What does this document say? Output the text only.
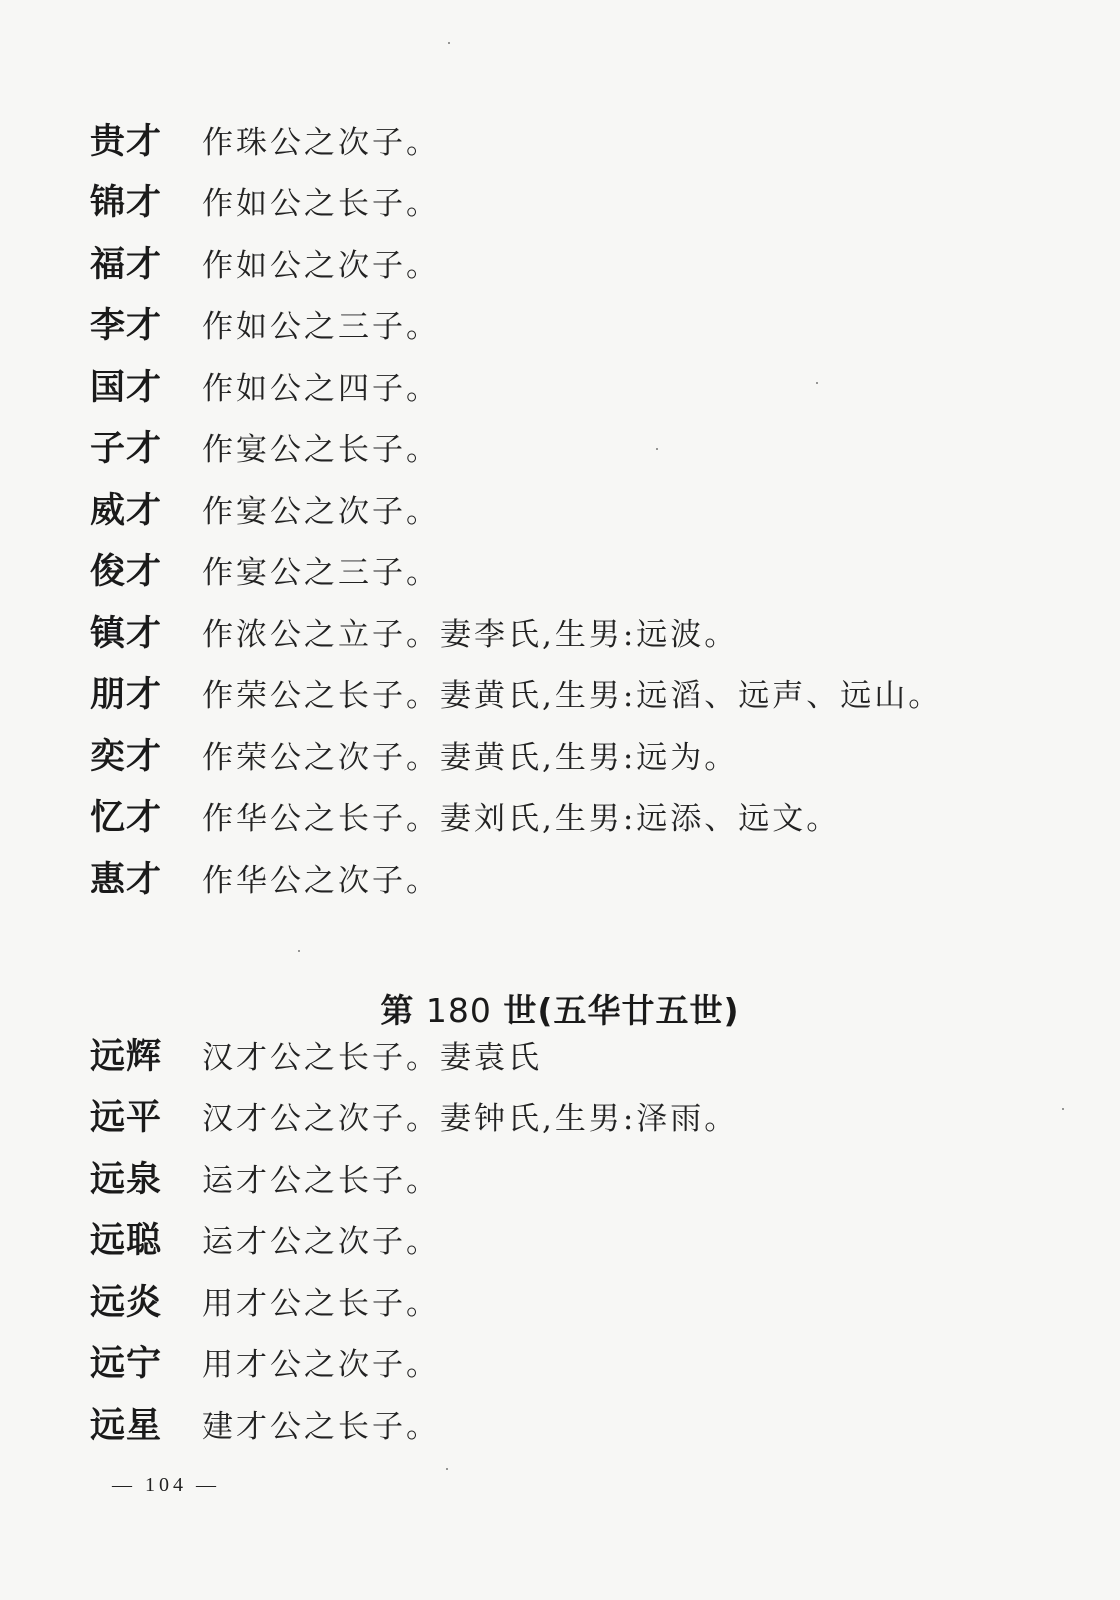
贵才	作珠公之次子。
锦才	作如公之长子。
福才	作如公之次子。
李才	作如公之三子。
国才	作如公之四子。
子才	作宴公之长子。
威才	作宴公之次子。
俊才	作宴公之三子。
镇才	作浓公之立子。妻李氏,生男:远波。
朋才	作荣公之长子。妻黄氏,生男:远滔、远声、远山。
奕才	作荣公之次子。妻黄氏,生男:远为。
忆才	作华公之长子。妻刘氏,生男:远添、远文。
惠才	作华公之次子。
第 180 世(五华廿五世)
远辉	汉才公之长子。妻袁氏
远平	汉才公之次子。妻钟氏,生男:泽雨。
远泉	运才公之长子。
远聪	运才公之次子。
远炎	用才公之长子。
远宁	用才公之次子。
远星	建才公之长子。
— 104 —
